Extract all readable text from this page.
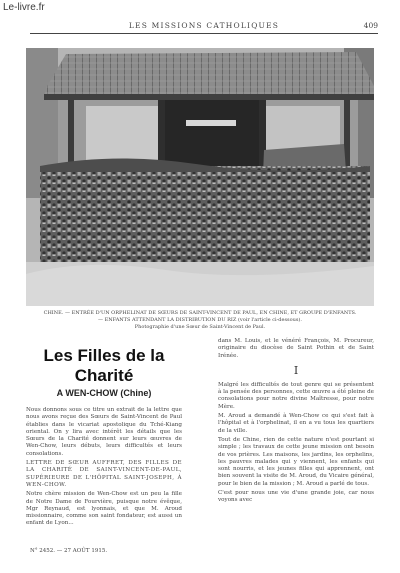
Le-livre.fr
LES MISSIONS CATHOLIQUES	409
CHINE. — ENTRÉE D'UN ORPHELINAT DE SŒURS DE SAINT-VINCENT DE PAUL, EN CHINE, ET GROUPE D'ENFANTS.
— ENFANTS ATTENDANT LA DISTRIBUTION DU RIZ (voir l'article ci-dessous).
Photographie d'une Sœur de Saint-Vincent de Paul.
Les Filles de la Charité
A WEN-CHOW (Chine)

Nous donnons sous ce titre un extrait de la lettre que nous avons reçue des Sœurs de Saint-Vincent de Paul établies dans le vicariat apostolique du Tché-Kiang oriental. On y lira avec intérêt les détails que les Sœurs de la Charité donnent sur leurs œuvres de Wen-Chow, leurs débuts, leurs difficultés et leurs consolations.

LETTRE DE SŒUR AUFFRET, DES FILLES DE LA CHARITÉ DE SAINT-VINCENT-DE-PAUL, SUPÉRIEURE DE L'HÔPITAL SAINT-JOSEPH, À WEN-CHOW.

Notre chère mission de Wen-Chow est un peu la fille de Notre Dame de Fourvière, puisque notre évêque, Mgr Reynaud, est lyonnais, et que M. Aroud missionnaire, comme son saint fondateur, est aussi un enfant de Lyon...

dans M. Louis, et le vénéré François, M. Procureur, originaire du diocèse de Saint Pothin et de Saint Irénée.

I

Malgré les difficultés de tout genre qui se présentent à la pensée des personnes, cette œuvre a été pleine de consolations pour notre divine Maîtresse, pour notre Mère.

M. Aroud a demandé à Wen-Chow ce qui s'est fait à l'hôpital et à l'orphelinat, il en a vu tous les quartiers de la ville.

Tout de Chine, rien de cette nature n'est pourtant si simple ; les travaux de cette jeune mission ont besoin de vos prières. Les maisons, les jardins, les orphelins, les pauvres malades qui y viennent, les enfants qui sont nourris, et les jeunes filles qui apprennent, ont bien souvent la visite de M. Aroud, du Vicaire général, pour le bien de la mission ; M. Aroud a parlé de tous.

C'est pour nous une vie d'une grande joie, car nous voyons avec

N° 2452. — 27 AOÛT 1915.
